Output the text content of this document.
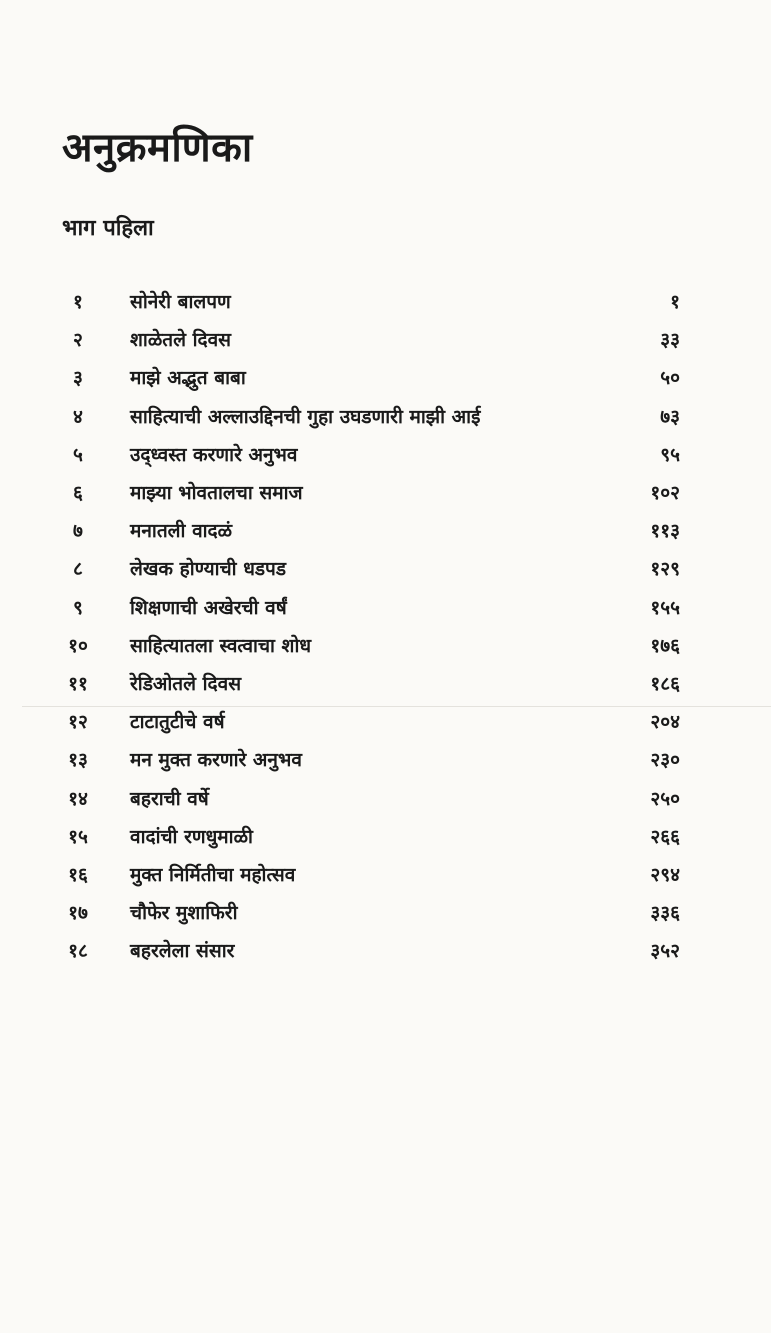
अनुक्रमणिका
भाग पहिला
१	सोनेरी बालपण	१
२	शाळेतले दिवस	३३
३	माझे अद्भुत बाबा	५०
४	साहित्याची अल्लाउद्दिनची गुहा उघडणारी माझी आई	७३
५	उद्ध्वस्त करणारे अनुभव	९५
६	माझ्या भोवतालचा समाज	१०२
७	मनातली वादळं	११३
८	लेखक होण्याची धडपड	१२९
९	शिक्षणाची अखेरची वर्षं	१५५
१०	साहित्यातला स्वत्वाचा शोध	१७६
११	रेडिओतले दिवस	१८६
१२	टाटातुटीचे वर्ष	२०४
१३	मन मुक्त करणारे अनुभव	२३०
१४	बहराची वर्षे	२५०
१५	वादांची रणधुमाळी	२६६
१६	मुक्त निर्मितीचा महोत्सव	२९४
१७	चौफेर मुशाफिरी	३३६
१८	बहरलेला संसार	३५२
